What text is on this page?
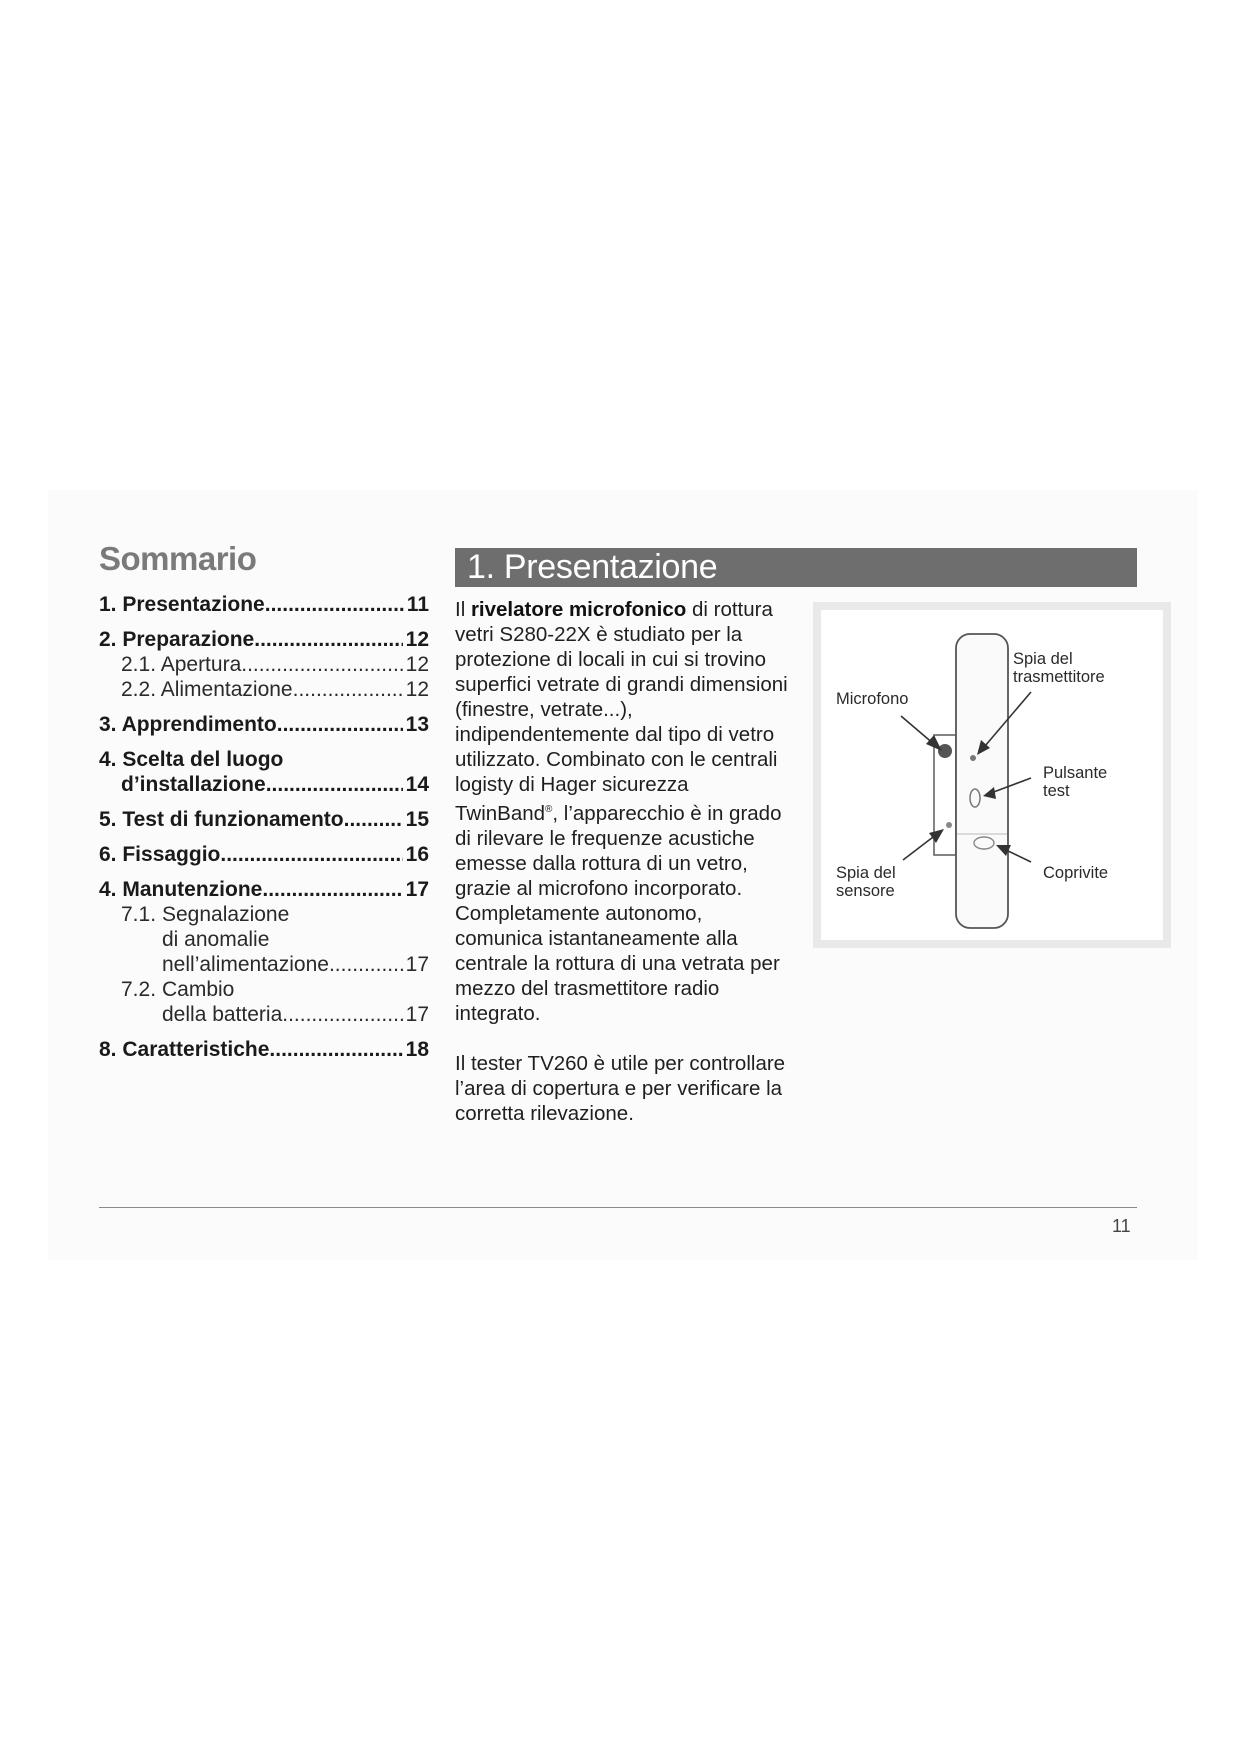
Sommario
1. Presentazione .....	11
2. Preparazione .....	12
2.1. Apertura .....	12
2.2. Alimentazione .....	12
3. Apprendimento .....	13
4. Scelta del luogo
d’installazione .....	14
5. Test di funzionamento .....	15
6. Fissaggio .....	16
4. Manutenzione .....	17
7.1. Segnalazione
di anomalie
nell’alimentazione .....	17
7.2. Cambio
della batteria .....	17
8. Caratteristiche .....	18
1. Presentazione

Il rivelatore microfonico di rottura vetri S280-22X è studiato per la protezione di locali in cui si trovino superfici vetrate di grandi dimensioni (finestre, vetrate...), indipendentemente dal tipo di vetro utilizzato. Combinato con le centrali logisty di Hager sicurezza TwinBand®, l’apparecchio è in grado di rilevare le frequenze acustiche emesse dalla rottura di un vetro, grazie al microfono incorporato. Completamente autonomo, comunica istantaneamente alla centrale la rottura di una vetrata per mezzo del trasmettitore radio integrato.

Il tester TV260 è utile per controllare l’area di copertura e per verificare la corretta rilevazione.

Microfono
Spia del
trasmettitore
Pulsante
test
Spia del
sensore
Coprivite
11
